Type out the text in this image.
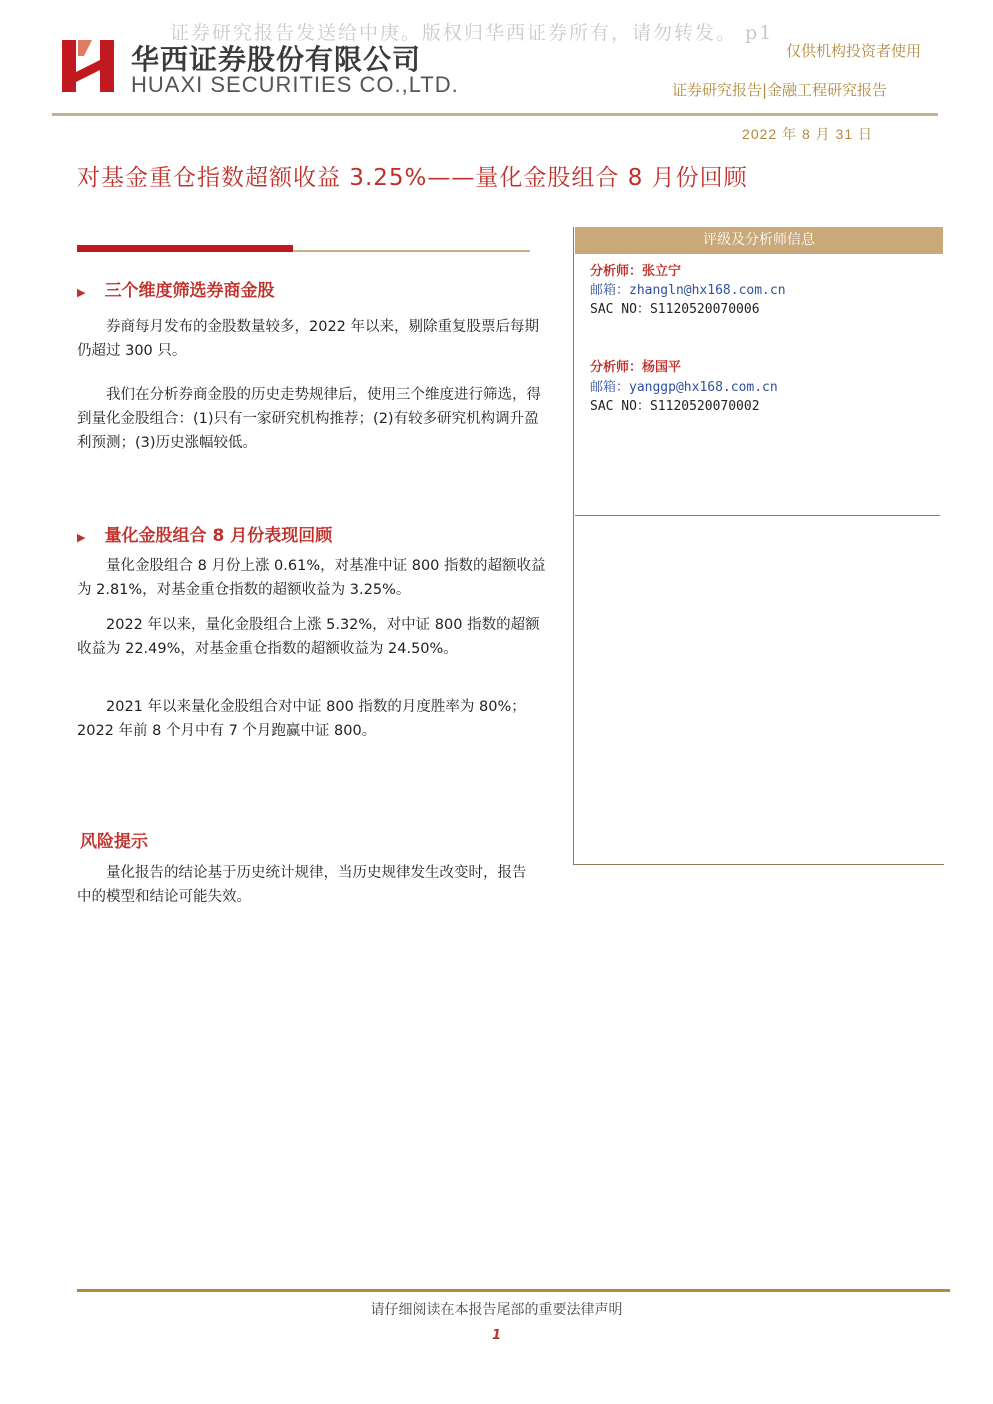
证券研究报告发送给中庚。版权归华西证券所有，请勿转发。 p1
华西证券股份有限公司
HUAXI SECURITIES CO.,LTD.
仅供机构投资者使用
证券研究报告|金融工程研究报告
2022 年 8 月 31 日
对基金重仓指数超额收益 3.25%——量化金股组合 8 月份回顾
▶ 三个维度筛选券商金股
券商每月发布的金股数量较多，2022 年以来，剔除重复股票后每期仍超过 300 只。
我们在分析券商金股的历史走势规律后，使用三个维度进行筛选，得到量化金股组合：(1)只有一家研究机构推荐；(2)有较多研究机构调升盈利预测；(3)历史涨幅较低。
▶ 量化金股组合 8 月份表现回顾
量化金股组合 8 月份上涨 0.61%，对基准中证 800 指数的超额收益为 2.81%，对基金重仓指数的超额收益为 3.25%。
2022 年以来，量化金股组合上涨 5.32%，对中证 800 指数的超额收益为 22.49%，对基金重仓指数的超额收益为 24.50%。
2021 年以来量化金股组合对中证 800 指数的月度胜率为 80%；2022 年前 8 个月中有 7 个月跑赢中证 800。
风险提示
量化报告的结论基于历史统计规律，当历史规律发生改变时，报告中的模型和结论可能失效。
评级及分析师信息
分析师：张立宁
邮箱：zhangln@hx168.com.cn
SAC NO：S1120520070006
分析师：杨国平
邮箱：yanggp@hx168.com.cn
SAC NO：S1120520070002
请仔细阅读在本报告尾部的重要法律声明
1
